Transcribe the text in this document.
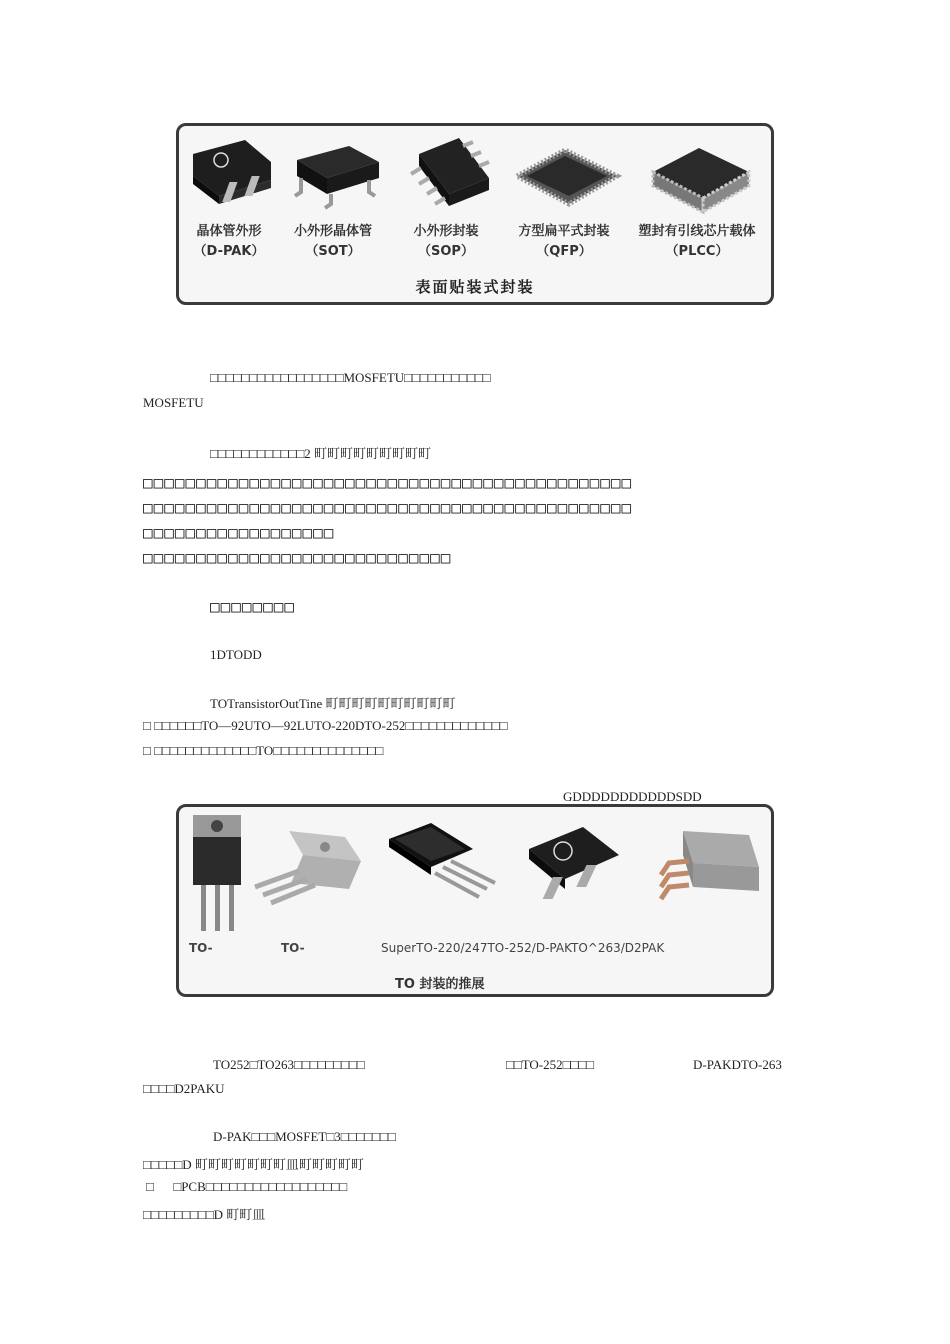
晶体管外形
（D-PAK）
小外形晶体管
（SOT）
小外形封装
（SOP）
方型扁平式封装
（QFP）
塑封有引线芯片载体
（PLCC）
表面贴装式封装
□□□□□□□□□□□□□□□□□MOSFETU□□□□□□□□□□□
MOSFETU
□□□□□□□□□□□□2 町町町町町町町町町
□□□□□□□□□□□□□□□□□□□□□□□□□□□□□□□□□□□□□□□□□□□□□□
□□□□□□□□□□□□□□□□□□□□□□□□□□□□□□□□□□□□□□□□□□□□□□
□□□□□□□□□□□□□□□□□□
□□□□□□□□□□□□□□□□□□□□□□□□□□□□□
□□□□□□□□
1DTODD
TOTransistorOutTine 町町町町町町町町町町
□ □□□□□□TO—92UTO—92LUTO-220DTO-252□□□□□□□□□□□□□
□ □□□□□□□□□□□□□TO□□□□□□□□□□□□□□
GDDDDDDDDDDDSDD
TO-	TO-	SuperTO-220/247TO-252/D-PAKTO^263/D2PAK
TO 封装的推展
TO252□TO263□□□□□□□□□	□□TO-252□□□□	D-PAKDTO-263
□□□□D2PAKU
D-PAK□□□MOSFET□3□□□□□□□
□□□□□D 町町町町町町町皿町町町町町
□      □PCB□□□□□□□□□□□□□□□□□□
□□□□□□□□□D 町町皿
